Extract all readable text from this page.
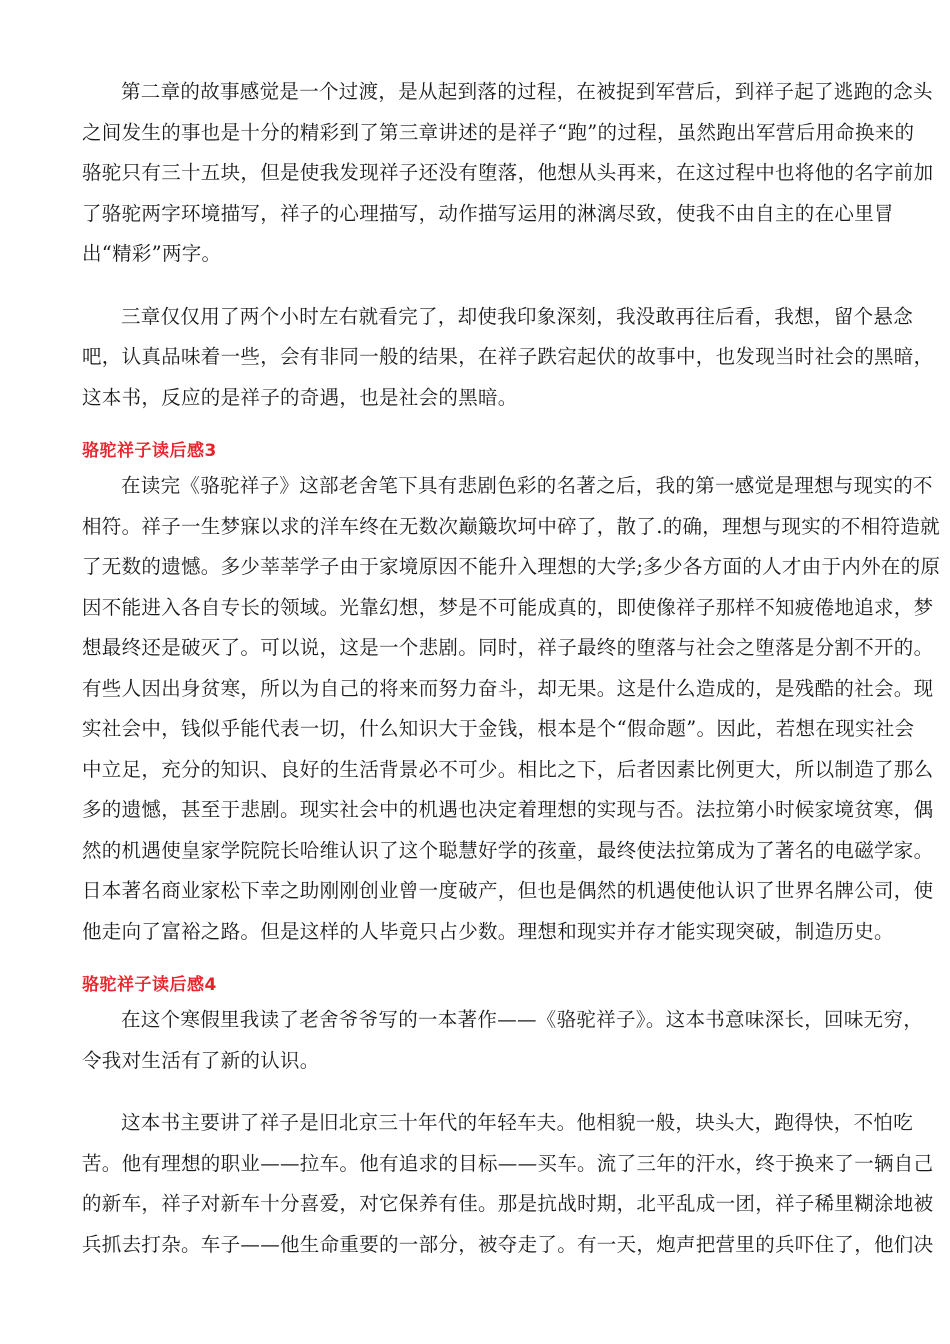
第二章的故事感觉是一个过渡，是从起到落的过程，在被捉到军营后，到祥子起了逃跑的念头
之间发生的事也是十分的精彩到了第三章讲述的是祥子“跑”的过程，虽然跑出军营后用命换来的
骆驼只有三十五块，但是使我发现祥子还没有堕落，他想从头再来，在这过程中也将他的名字前加
了骆驼两字环境描写，祥子的心理描写，动作描写运用的淋漓尽致，使我不由自主的在心里冒
出“精彩”两字。

三章仅仅用了两个小时左右就看完了，却使我印象深刻，我没敢再往后看，我想，留个悬念
吧，认真品味着一些，会有非同一般的结果，在祥子跌宕起伏的故事中，也发现当时社会的黑暗，
这本书，反应的是祥子的奇遇，也是社会的黑暗。

骆驼祥子读后感3

在读完《骆驼祥子》这部老舍笔下具有悲剧色彩的名著之后，我的第一感觉是理想与现实的不
相符。祥子一生梦寐以求的洋车终在无数次巅簸坎坷中碎了，散了.的确，理想与现实的不相符造就
了无数的遗憾。多少莘莘学子由于家境原因不能升入理想的大学;多少各方面的人才由于内外在的原
因不能进入各自专长的领域。光靠幻想，梦是不可能成真的，即使像祥子那样不知疲倦地追求，梦
想最终还是破灭了。可以说，这是一个悲剧。同时，祥子最终的堕落与社会之堕落是分割不开的。
有些人因出身贫寒，所以为自己的将来而努力奋斗，却无果。这是什么造成的，是残酷的社会。现
实社会中，钱似乎能代表一切，什么知识大于金钱，根本是个“假命题”。因此，若想在现实社会
中立足，充分的知识、良好的生活背景必不可少。相比之下，后者因素比例更大，所以制造了那么
多的遗憾，甚至于悲剧。现实社会中的机遇也决定着理想的实现与否。法拉第小时候家境贫寒，偶
然的机遇使皇家学院院长哈维认识了这个聪慧好学的孩童，最终使法拉第成为了著名的电磁学家。
日本著名商业家松下幸之助刚刚创业曾一度破产，但也是偶然的机遇使他认识了世界名牌公司，使
他走向了富裕之路。但是这样的人毕竟只占少数。理想和现实并存才能实现突破，制造历史。

骆驼祥子读后感4

在这个寒假里我读了老舍爷爷写的一本著作——《骆驼祥子》。这本书意味深长，回味无穷，
令我对生活有了新的认识。

这本书主要讲了祥子是旧北京三十年代的年轻车夫。他相貌一般，块头大，跑得快，不怕吃
苦。他有理想的职业——拉车。他有追求的目标——买车。流了三年的汗水，终于换来了一辆自己
的新车，祥子对新车十分喜爱，对它保养有佳。那是抗战时期，北平乱成一团，祥子稀里糊涂地被
兵抓去打杂。车子——他生命重要的一部分，被夺走了。有一天，炮声把营里的兵吓住了，他们决
